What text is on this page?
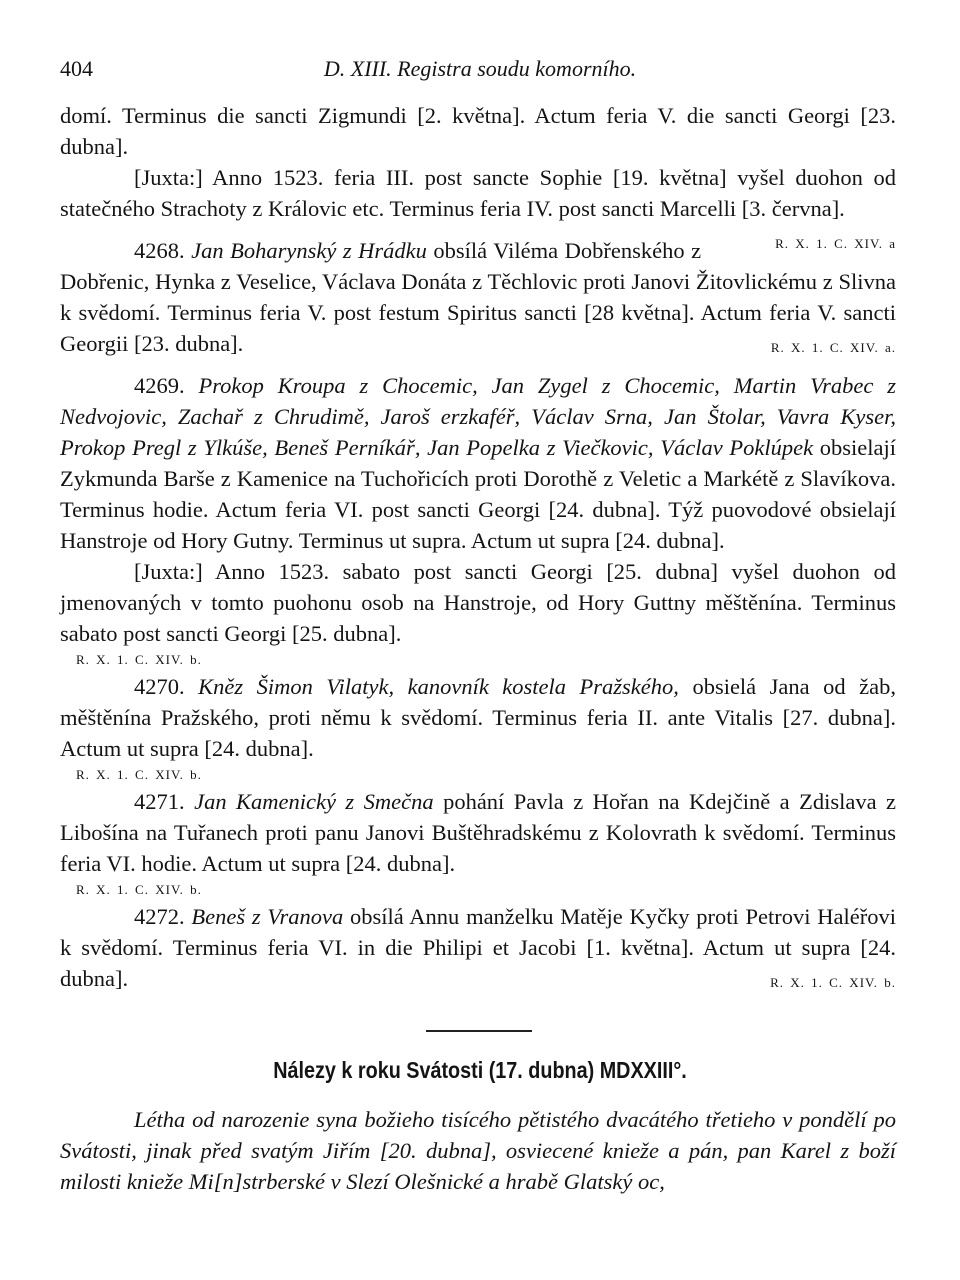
404	D. XIII. Registra soudu komorního.

domí. Terminus die sancti Zigmundi [2. května]. Actum feria V. die sancti Georgi [23. dubna].

[Juxta:] Anno 1523. feria III. post sancte Sophie [19. května] vyšel duohon od statečného Strachoty z Královic etc. Terminus feria IV. post sancti Marcelli [3. června].
R. X. 1. C. XIV. a

4268. Jan Boharynský z Hrádku obsílá Viléma Dobřenského z Dobřenic, Hynka z Veselice, Václava Donáta z Těchlovic proti Janovi Žitovlickému z Slivna k svědomí. Terminus feria V. post festum Spiritus sancti [28 května]. Actum feria V. sancti Georgii [23. dubna].	R. X. 1. C. XIV. a.

4269. Prokop Kroupa z Chocemic, Jan Zygel z Chocemic, Martin Vrabec z Nedvojovic, Zachař z Chrudimě, Jaroš erzkaféř, Václav Srna, Jan Štolar, Vavra Kyser, Prokop Pregl z Ylkúše, Beneš Perníkář, Jan Popelka z Viečkovic, Václav Poklúpek obsielají Zykmunda Barše z Kamenice na Tuchořicích proti Dorothě z Veletic a Markétě z Slavíkova. Terminus hodie. Actum feria VI. post sancti Georgi [24. dubna]. Týž puovodové obsielají Hanstroje od Hory Gutny. Terminus ut supra. Actum ut supra [24. dubna].

[Juxta:] Anno 1523. sabato post sancti Georgi [25. dubna] vyšel duohon od jmenovaných v tomto puohonu osob na Hanstroje, od Hory Guttny měštěnína. Terminus sabato post sancti Georgi [25. dubna].

R. X. 1. C. XIV. b.

4270. Kněz Šimon Vilatyk, kanovník kostela Pražského, obsielá Jana od žab, měštěnína Pražského, proti němu k svědomí. Terminus feria II. ante Vitalis [27. dubna]. Actum ut supra [24. dubna].

R. X. 1. C. XIV. b.

4271. Jan Kamenický z Smečna pohání Pavla z Hořan na Kdejčině a Zdislava z Libošína na Tuřanech proti panu Janovi Buštěhradskému z Kolovrath k svědomí. Terminus feria VI. hodie. Actum ut supra [24. dubna].

R. X. 1. C. XIV. b.

4272. Beneš z Vranova obsílá Annu manželku Matěje Kyčky proti Petrovi Haléřovi k svědomí. Terminus feria VI. in die Philipi et Jacobi [1. května]. Actum ut supra [24. dubna].	R. X. 1. C. XIV. b.

Nálezy k roku Svátosti (17. dubna) MDXXIII°.

Létha od narozenie syna božieho tisícého pětistého dvacátého třetieho v pondělí po Svátosti, jinak před svatým Jiřím [20. dubna], osviecené knieže a pán, pan Karel z boží milosti knieže Mi[n]strberské v Slezí Olešnické a hrabě Glatský oc,
